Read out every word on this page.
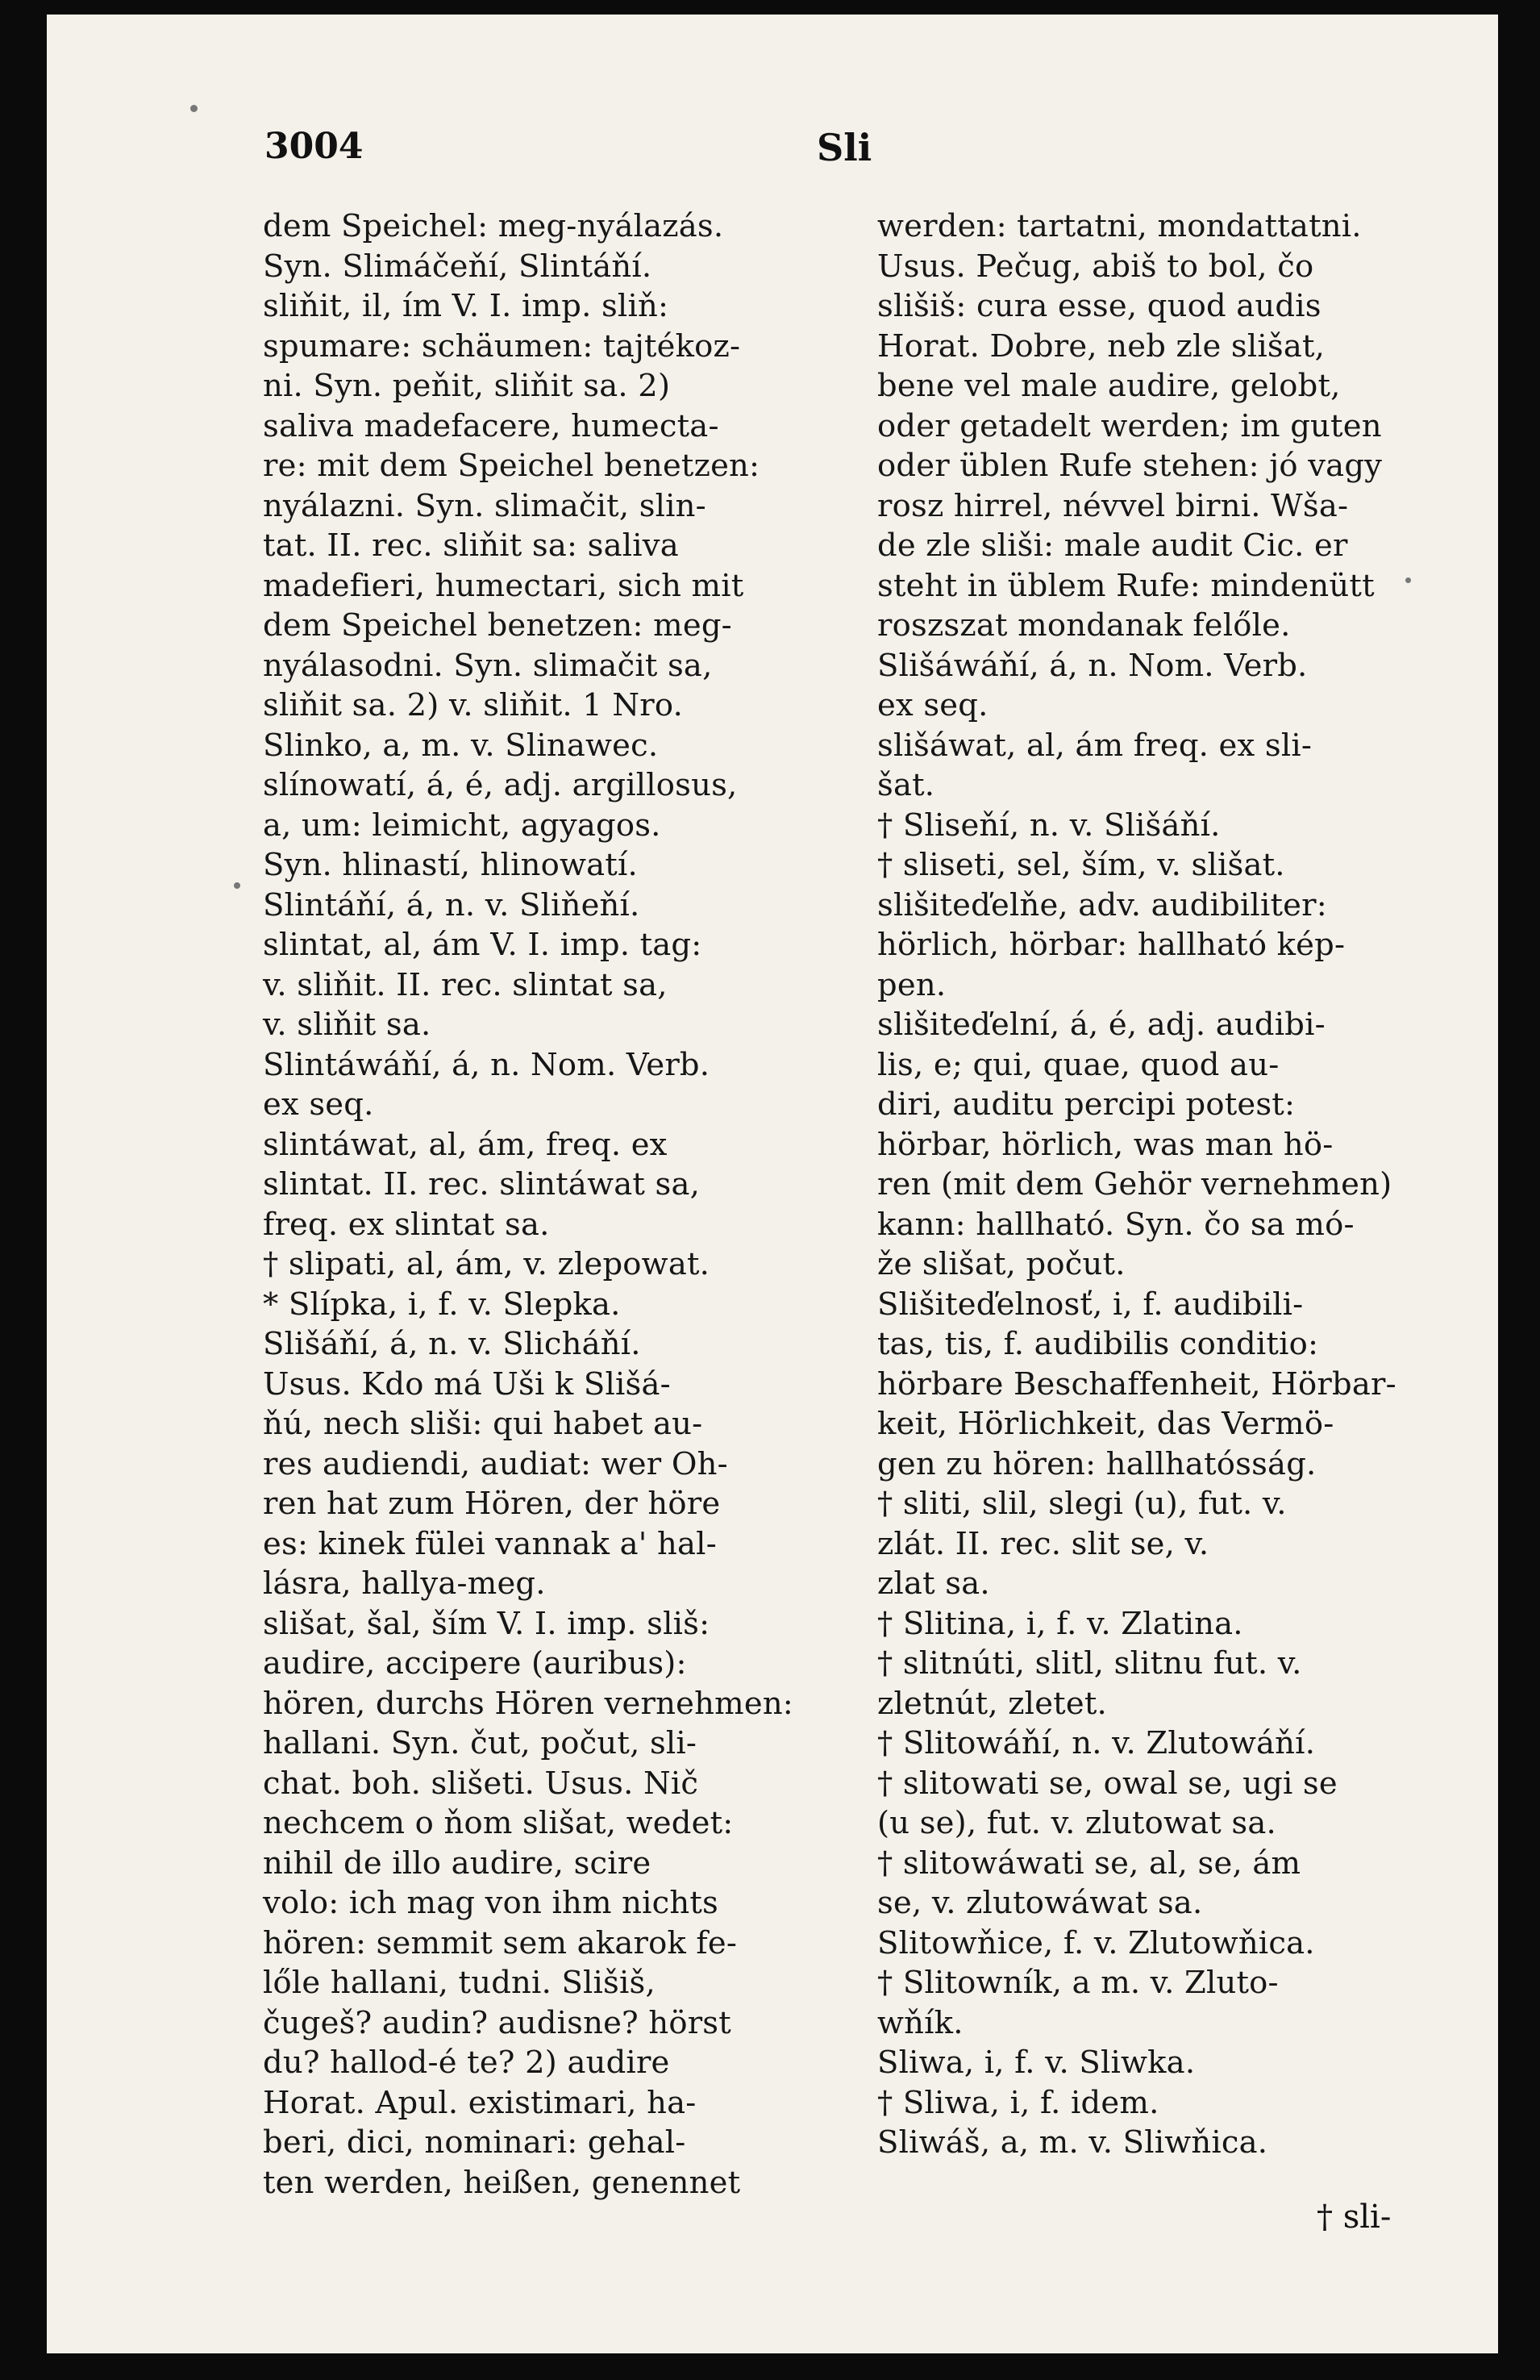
3004	Sli

dem Speichel: meg-nyálazás.

Syn. Slimáčeňí, Slintáňí.

sliňit, il, ím V. I. imp. sliň:

spumare: schäumen: tajtékoz-

ni. Syn. peňit, sliňit sa. 2)

saliva madefacere, humecta-

re: mit dem Speichel benetzen:

nyálazni. Syn. slimačit, slin-

tat. II. rec. sliňit sa: saliva

madefieri, humectari, sich mit

dem Speichel benetzen: meg-

nyálasodni. Syn. slimačit sa,

sliňit sa. 2) v. sliňit. 1 Nro.

Slinko, a, m. v. Slinawec.

slínowatí, á, é, adj. argillosus,

a, um: leimicht, agyagos.

Syn. hlinastí, hlinowatí.

Slintáňí, á, n. v. Sliňeňí.

slintat, al, ám V. I. imp. tag:

v. sliňit. II. rec. slintat sa,

v. sliňit sa.

Slintáwáňí, á, n. Nom. Verb.

ex seq.

slintáwat, al, ám, freq. ex

slintat. II. rec. slintáwat sa,

freq. ex slintat sa.

† slipati, al, ám, v. zlepowat.

* Slípka, i, f. v. Slepka.

Slišáňí, á, n. v. Slicháňí.

Usus. Kdo má Uši k Slišá-

ňú, nech sliši: qui habet au-

res audiendi, audiat: wer Oh-

ren hat zum Hören, der höre

es: kinek fülei vannak a' hal-

lásra, hallya-meg.

slišat, šal, ším V. I. imp. sliš:

audire, accipere (auribus):

hören, durchs Hören vernehmen:

hallani. Syn. čut, počut, sli-

chat. boh. slišeti. Usus. Nič

nechcem o ňom slišat, wedet:

nihil de illo audire, scire

volo: ich mag von ihm nichts

hören: semmit sem akarok fe-

lőle hallani, tudni. Slišiš,

čugeš? audin? audisne? hörst

du? hallod-é te? 2) audire

Horat. Apul. existimari, ha-

beri, dici, nominari: gehal-

ten werden, heißen, genennet

werden: tartatni, mondattatni.

Usus. Pečug, abiš to bol, čo

slišiš: cura esse, quod audis

Horat. Dobre, neb zle slišat,

bene vel male audire, gelobt,

oder getadelt werden; im guten

oder üblen Rufe stehen: jó vagy

rosz hirrel, névvel birni. Wša-

de zle sliši: male audit Cic. er

steht in üblem Rufe: mindenütt

roszszat mondanak felőle.

Slišáwáňí, á, n. Nom. Verb.

ex seq.

slišáwat, al, ám freq. ex sli-

šat.

† Sliseňí, n. v. Slišáňí.

† sliseti, sel, ším, v. slišat.

slišiteďelňe, adv. audibiliter:

hörlich, hörbar: hallható kép-

pen.

slišiteďelní, á, é, adj. audibi-

lis, e; qui, quae, quod au-

diri, auditu percipi potest:

hörbar, hörlich, was man hö-

ren (mit dem Gehör vernehmen)

kann: hallható. Syn. čo sa mó-

že slišat, počut.

Slišiteďelnosť, i, f. audibili-

tas, tis, f. audibilis conditio:

hörbare Beschaffenheit, Hörbar-

keit, Hörlichkeit, das Vermö-

gen zu hören: hallhatósság.

† sliti, slil, slegi (u), fut. v.

zlát. II. rec. slit se, v.

zlat sa.

† Slitina, i, f. v. Zlatina.

† slitnúti, slitl, slitnu fut. v.

zletnút, zletet.

† Slitowáňí, n. v. Zlutowáňí.

† slitowati se, owal se, ugi se

(u se), fut. v. zlutowat sa.

† slitowáwati se, al, se, ám

se, v. zlutowáwat sa.

Slitowňice, f. v. Zlutowňica.

† Slitowník, a m. v. Zluto-

wňík.

Sliwa, i, f. v. Sliwka.

† Sliwa, i, f. idem.

Sliwáš, a, m. v. Sliwňica.

† sli-
